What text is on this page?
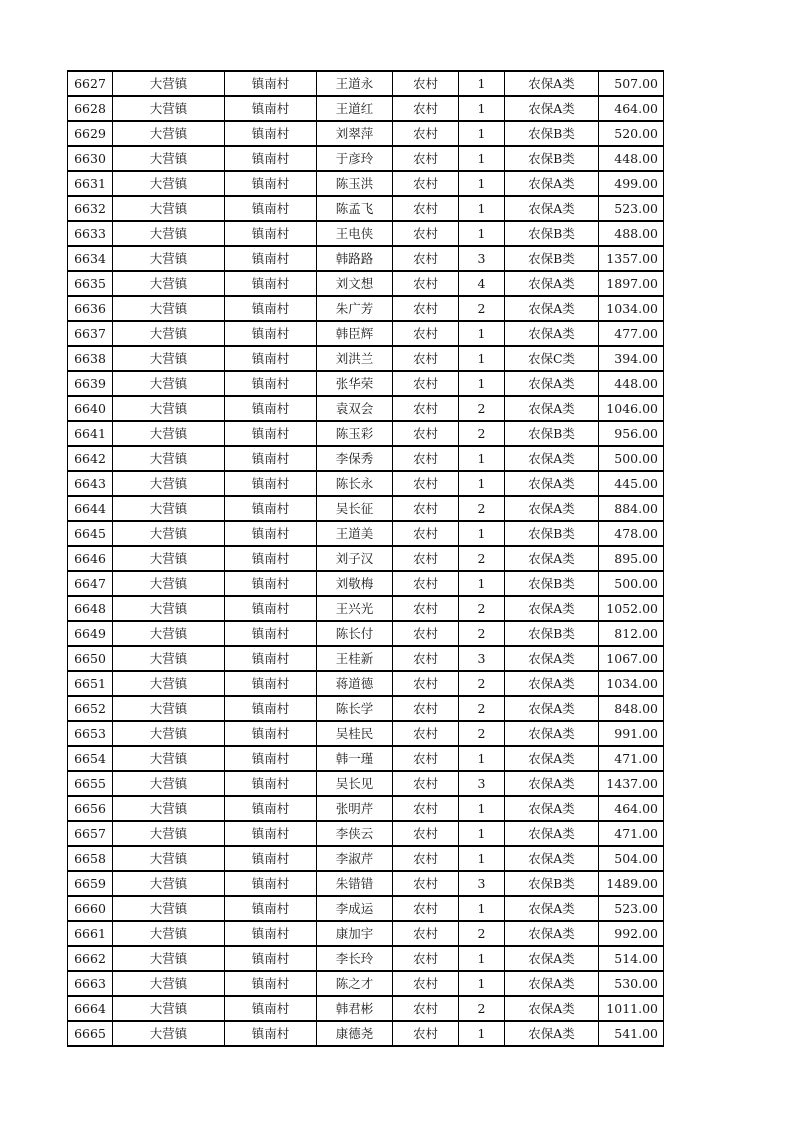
6627	大营镇	镇南村	王道永	农村	1	农保A类	507.00
6628	大营镇	镇南村	王道红	农村	1	农保A类	464.00
6629	大营镇	镇南村	刘翠萍	农村	1	农保B类	520.00
6630	大营镇	镇南村	于彦玲	农村	1	农保B类	448.00
6631	大营镇	镇南村	陈玉洪	农村	1	农保A类	499.00
6632	大营镇	镇南村	陈孟飞	农村	1	农保A类	523.00
6633	大营镇	镇南村	王电侠	农村	1	农保B类	488.00
6634	大营镇	镇南村	韩路路	农村	3	农保B类	1357.00
6635	大营镇	镇南村	刘文想	农村	4	农保A类	1897.00
6636	大营镇	镇南村	朱广芳	农村	2	农保A类	1034.00
6637	大营镇	镇南村	韩臣辉	农村	1	农保A类	477.00
6638	大营镇	镇南村	刘洪兰	农村	1	农保C类	394.00
6639	大营镇	镇南村	张华荣	农村	1	农保A类	448.00
6640	大营镇	镇南村	袁双会	农村	2	农保A类	1046.00
6641	大营镇	镇南村	陈玉彩	农村	2	农保B类	956.00
6642	大营镇	镇南村	李保秀	农村	1	农保A类	500.00
6643	大营镇	镇南村	陈长永	农村	1	农保A类	445.00
6644	大营镇	镇南村	吴长征	农村	2	农保A类	884.00
6645	大营镇	镇南村	王道美	农村	1	农保B类	478.00
6646	大营镇	镇南村	刘子汉	农村	2	农保A类	895.00
6647	大营镇	镇南村	刘敬梅	农村	1	农保B类	500.00
6648	大营镇	镇南村	王兴光	农村	2	农保A类	1052.00
6649	大营镇	镇南村	陈长付	农村	2	农保B类	812.00
6650	大营镇	镇南村	王桂新	农村	3	农保A类	1067.00
6651	大营镇	镇南村	蒋道德	农村	2	农保A类	1034.00
6652	大营镇	镇南村	陈长学	农村	2	农保A类	848.00
6653	大营镇	镇南村	吴桂民	农村	2	农保A类	991.00
6654	大营镇	镇南村	韩一瑾	农村	1	农保A类	471.00
6655	大营镇	镇南村	吴长见	农村	3	农保A类	1437.00
6656	大营镇	镇南村	张明芹	农村	1	农保A类	464.00
6657	大营镇	镇南村	李侠云	农村	1	农保A类	471.00
6658	大营镇	镇南村	李淑芹	农村	1	农保A类	504.00
6659	大营镇	镇南村	朱错错	农村	3	农保B类	1489.00
6660	大营镇	镇南村	李成运	农村	1	农保A类	523.00
6661	大营镇	镇南村	康加宇	农村	2	农保A类	992.00
6662	大营镇	镇南村	李长玲	农村	1	农保A类	514.00
6663	大营镇	镇南村	陈之才	农村	1	农保A类	530.00
6664	大营镇	镇南村	韩君彬	农村	2	农保A类	1011.00
6665	大营镇	镇南村	康德尧	农村	1	农保A类	541.00
